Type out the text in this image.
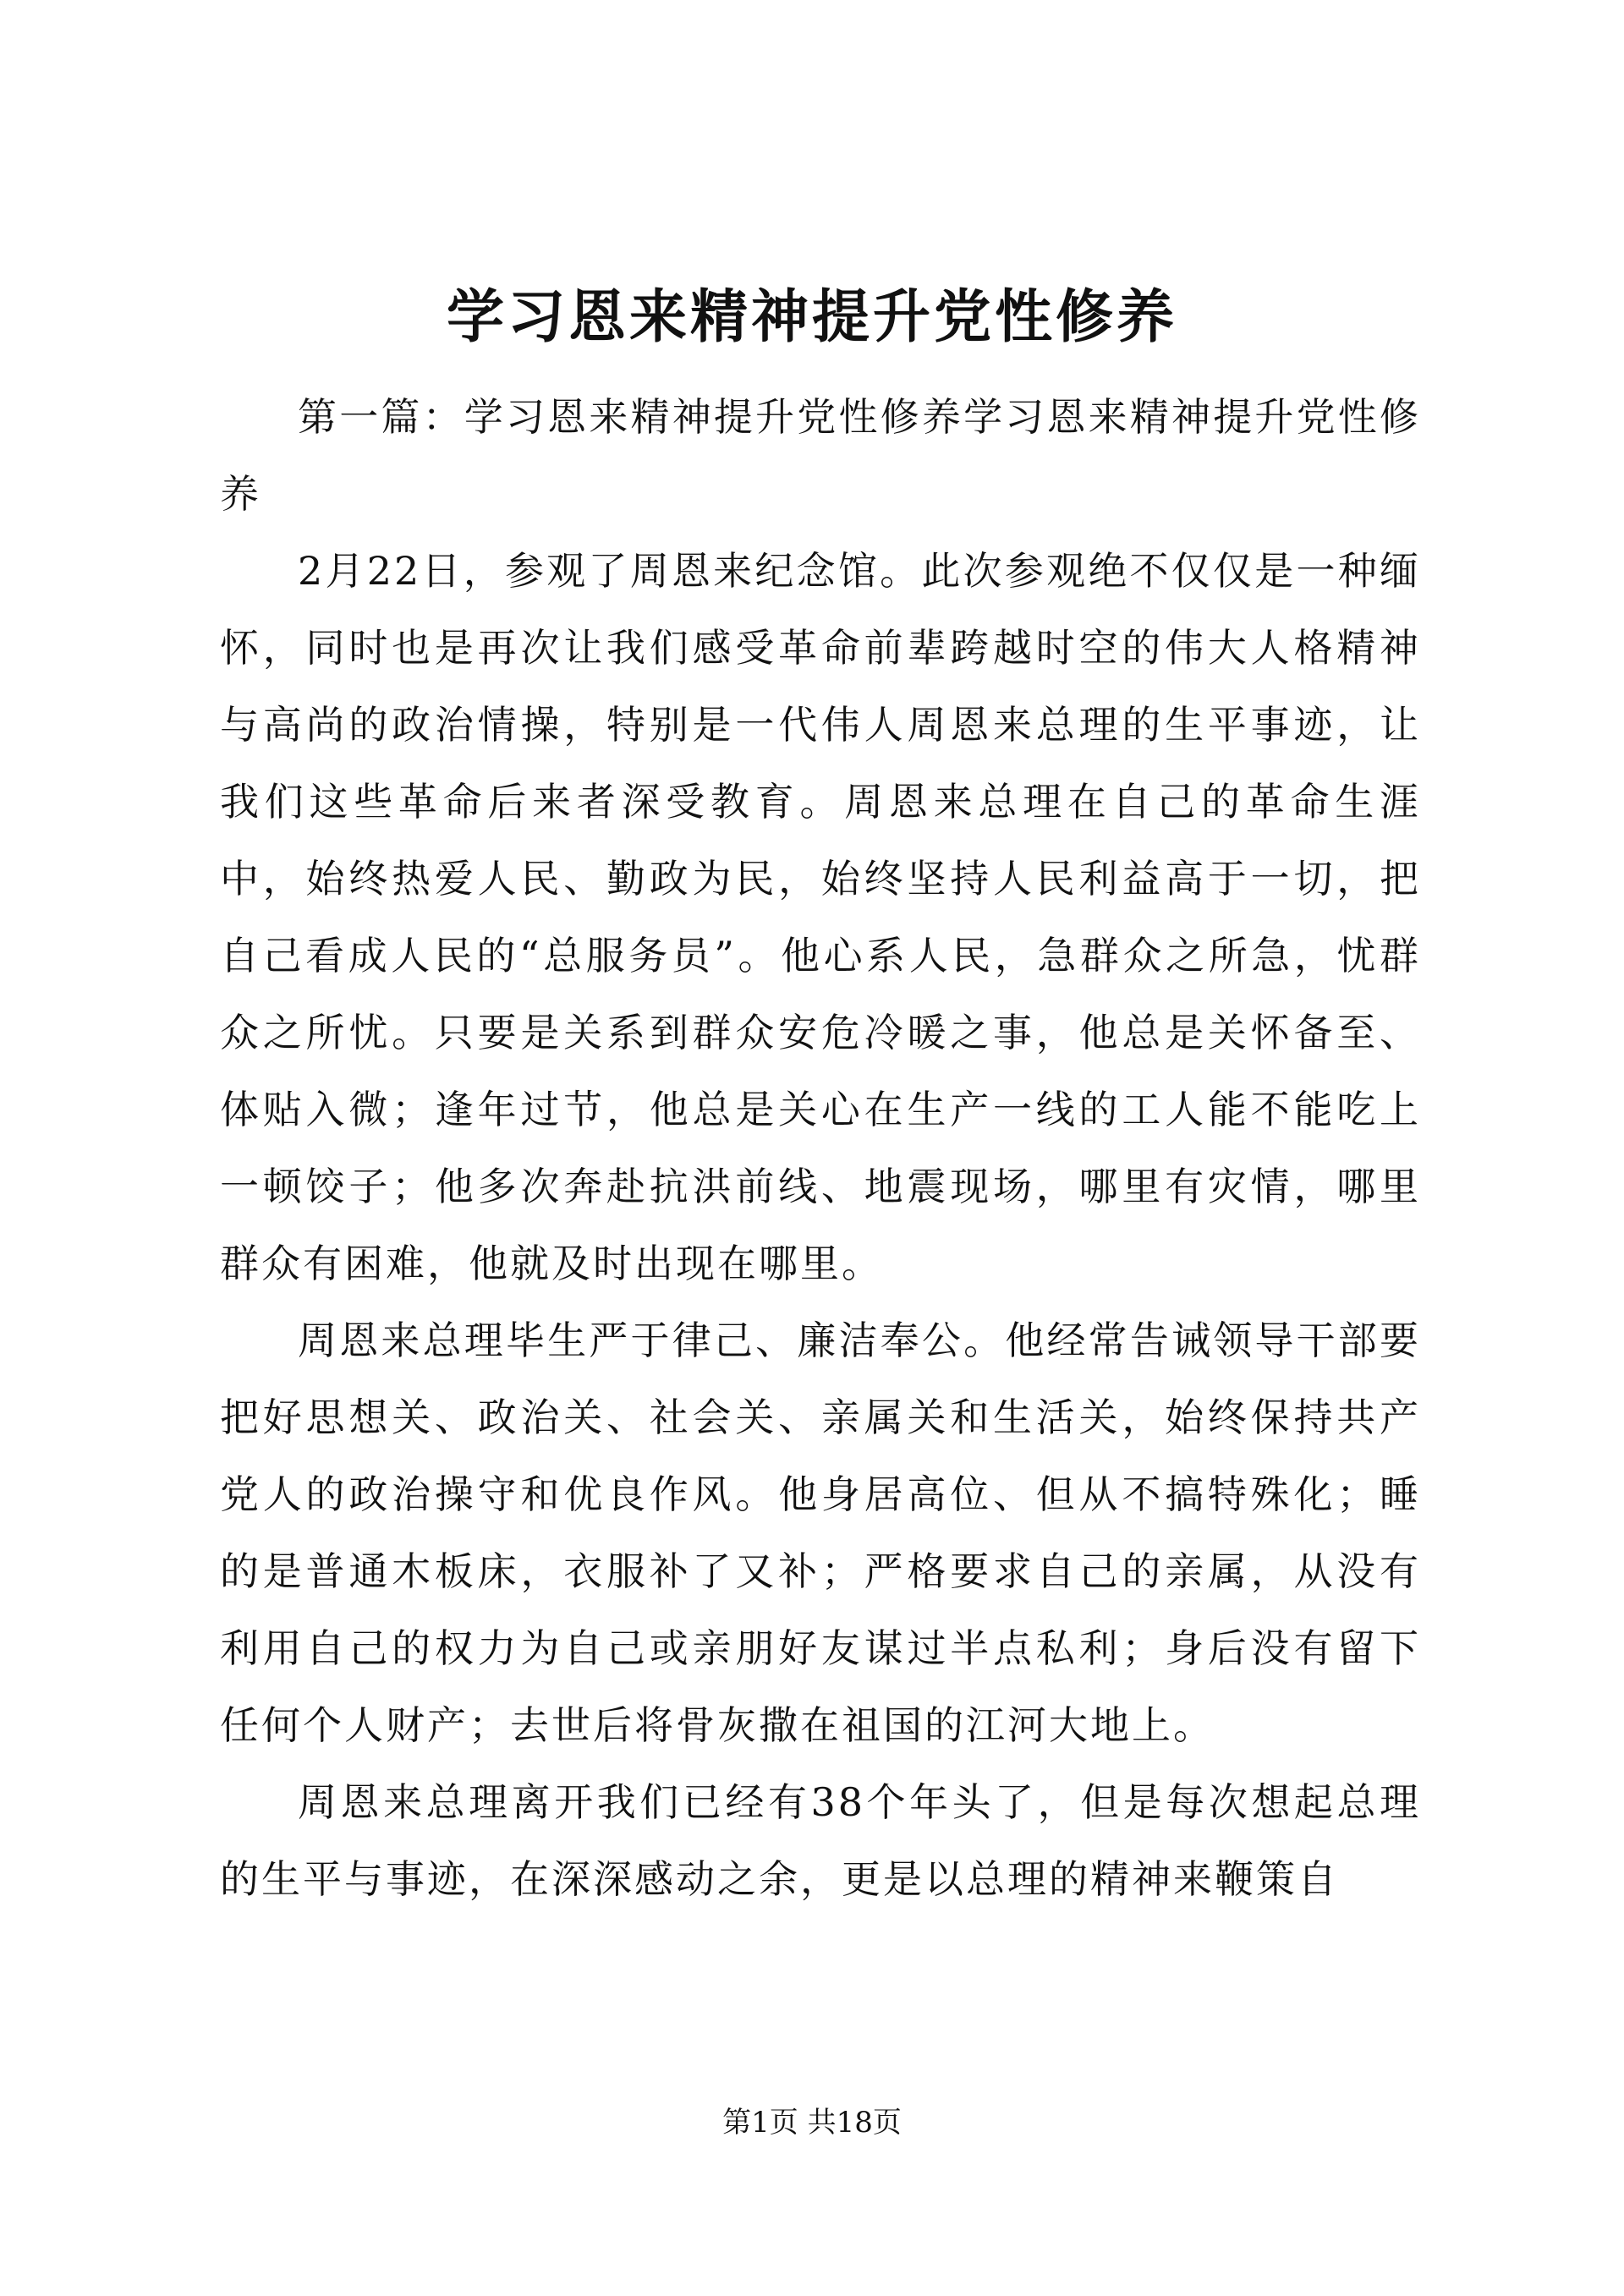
学习恩来精神提升党性修养

第一篇：学习恩来精神提升党性修养学习恩来精神提升党性修养

2月22日，参观了周恩来纪念馆。此次参观绝不仅仅是一种缅怀，同时也是再次让我们感受革命前辈跨越时空的伟大人格精神与高尚的政治情操，特别是一代伟人周恩来总理的生平事迹，让我们这些革命后来者深受教育。周恩来总理在自己的革命生涯中，始终热爱人民、勤政为民，始终坚持人民利益高于一切，把自己看成人民的“总服务员”。他心系人民，急群众之所急，忧群众之所忧。只要是关系到群众安危冷暖之事，他总是关怀备至、体贴入微；逢年过节，他总是关心在生产一线的工人能不能吃上一顿饺子；他多次奔赴抗洪前线、地震现场，哪里有灾情，哪里群众有困难，他就及时出现在哪里。

周恩来总理毕生严于律己、廉洁奉公。他经常告诫领导干部要把好思想关、政治关、社会关、亲属关和生活关，始终保持共产党人的政治操守和优良作风。他身居高位、但从不搞特殊化；睡的是普通木板床，衣服补了又补；严格要求自己的亲属，从没有利用自己的权力为自己或亲朋好友谋过半点私利；身后没有留下任何个人财产；去世后将骨灰撒在祖国的江河大地上。

周恩来总理离开我们已经有38个年头了，但是每次想起总理的生平与事迹，在深深感动之余，更是以总理的精神来鞭策自

第1页 共18页
